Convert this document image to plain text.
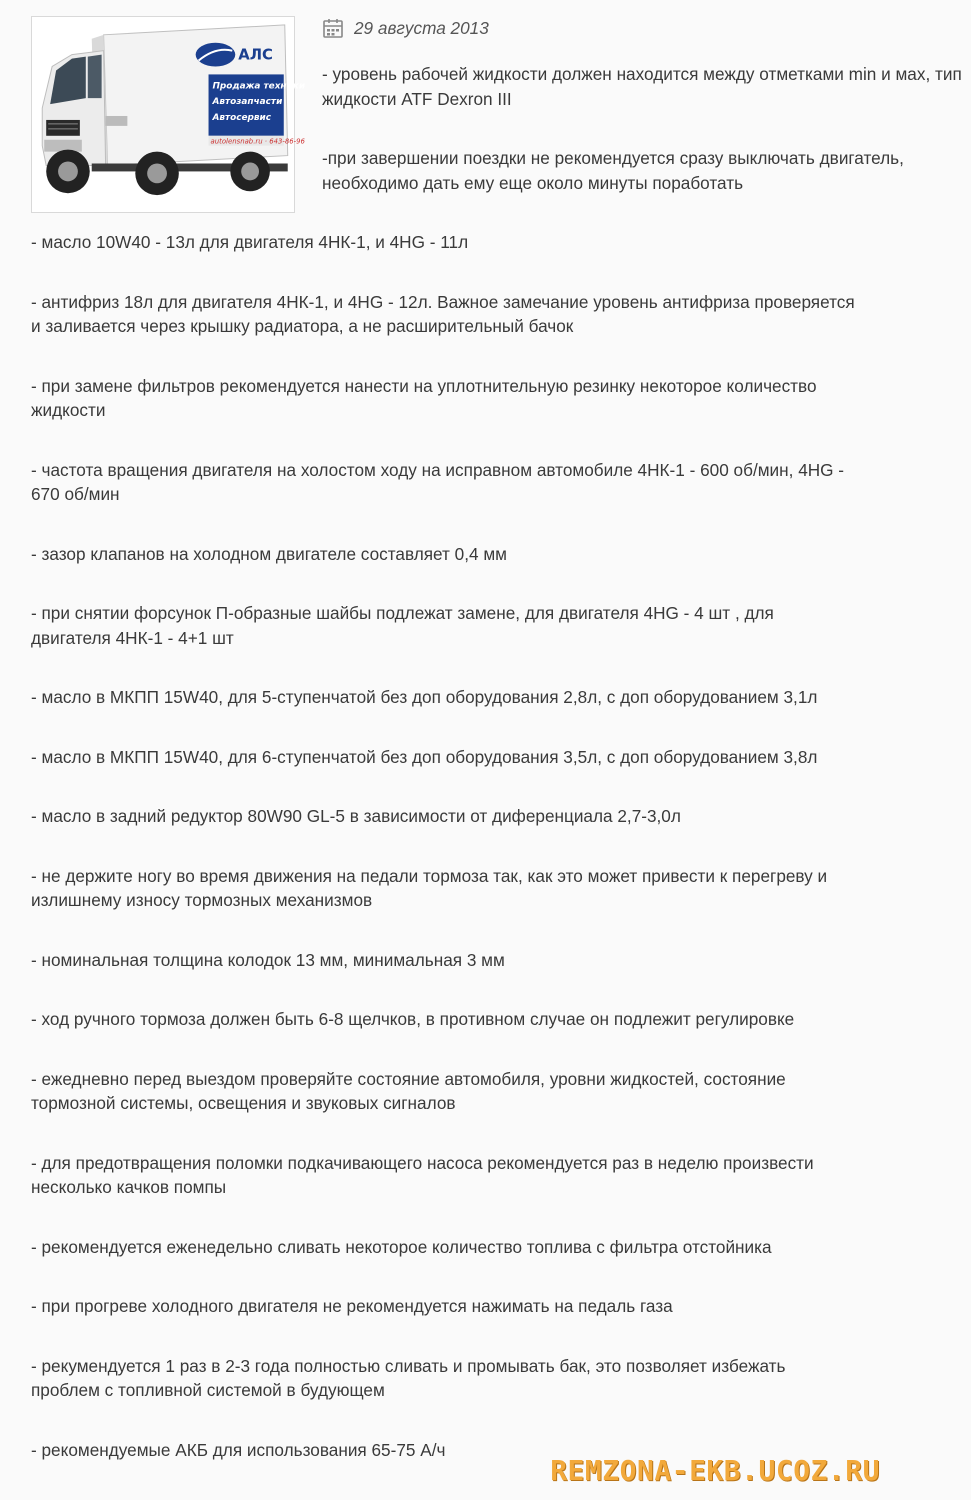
АЛС
Продажа техники
Автозапчасти
Автосервис
autolensnab.ru · 643-86-96
29 августа 2013

- уровень рабочей жидкости должен находится между отметками min и мах, тип жидкости ATF Dexron III

-при завершении поездки не рекомендуется сразу выключать двигатель, необходимо дать ему еще около минуты поработать

- масло 10W40 - 13л для двигателя 4НК-1, и 4HG - 11л
- антифриз 18л для двигателя 4НК-1, и 4HG - 12л. Важное замечание уровень антифриза проверяется
и заливается через крышку радиатора, а не расширительный бачок
- при замене фильтров рекомендуется нанести на уплотнительную резинку некоторое количество
жидкости
- частота вращения двигателя на холостом ходу на исправном автомобиле 4НК-1 - 600 об/мин, 4HG -
670 об/мин
- зазор клапанов на холодном двигателе составляет 0,4 мм
- при снятии форсунок П-образные шайбы подлежат замене, для двигателя 4HG - 4 шт , для
двигателя 4НК-1 - 4+1 шт
- масло в МКПП 15W40, для 5-ступенчатой без доп оборудования 2,8л, с доп оборудованием 3,1л
- масло в МКПП 15W40, для 6-ступенчатой без доп оборудования 3,5л, с доп оборудованием 3,8л
- масло в задний редуктор 80W90 GL-5 в зависимости от диференциала 2,7-3,0л
- не держите ногу во время движения на педали тормоза так, как это может привести к перегреву и
излишнему износу тормозных механизмов
- номинальная толщина колодок 13 мм, минимальная 3 мм
- ход ручного тормоза должен быть 6-8 щелчков, в противном случае он подлежит регулировке
- ежедневно перед выездом проверяйте состояние автомобиля, уровни жидкостей, состояние
тормозной системы, освещения и звуковых сигналов
- для предотвращения поломки подкачивающего насоса рекомендуется раз в неделю произвести
несколько качков помпы
- рекомендуется еженедельно сливать некоторое количество топлива с фильтра отстойника
- при прогреве холодного двигателя не рекомендуется нажимать на педаль газа
- рекумендуется 1 раз в 2-3 года полностью сливать и промывать бак, это позволяет избежать
проблем с топливной системой в будующем
- рекомендуемые АКБ для использования 65-75 А/ч
REMZONA-EKB.UCOZ.RU
